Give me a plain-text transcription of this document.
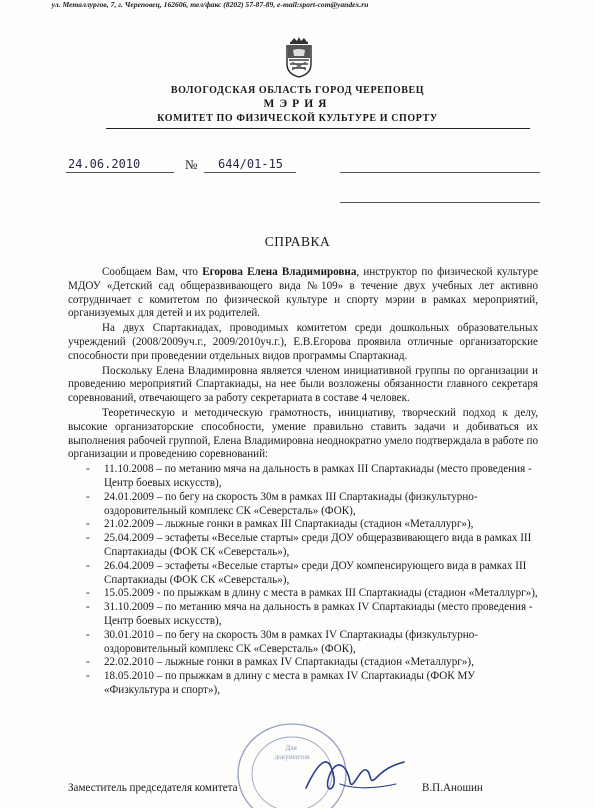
ВОЛОГОДСКАЯ ОБЛАСТЬ ГОРОД ЧЕРЕПОВЕЦ
МЭРИЯ
КОМИТЕТ ПО ФИЗИЧЕСКОЙ КУЛЬТУРЕ И СПОРТУ
ул. Металлургов, 7, г. Череповец, 162606, тел/факс (8202) 57-87-89, e-mail:sport-com@yandex.ru
24.06.2010	№ 644/01-15
СПРАВКА

Сообщаем Вам, что Егорова Елена Владимировна, инструктор по физической культуре МДОУ «Детский сад общеразвивающего вида №109» в течение двух учебных лет активно сотрудничает с комитетом по физической культуре и спорту мэрии в рамках мероприятий, организуемых для детей и их родителей.

На двух Спартакиадах, проводимых комитетом среди дошкольных образовательных учреждений (2008/2009уч.г., 2009/2010уч.г.), Е.В.Егорова проявила отличные организаторские способности при проведении отдельных видов программы Спартакиад.

Поскольку Елена Владимировна является членом инициативной группы по организации и проведению мероприятий Спартакиады, на нее были возложены обязанности главного секретаря соревнований, отвечающего за работу секретариата в составе 4 человек.

Теоретическую и методическую грамотность, инициативу, творческий подход к делу, высокие организаторские способности, умение правильно ставить задачи и добиваться их выполнения рабочей группой, Елена Владимировна неоднократно умело подтверждала в работе по организации и проведению соревнований:

- 11.10.2008 – по метанию мяча на дальность в рамках III Спартакиады (место проведения - Центр боевых искусств),
- 24.01.2009 – по бегу на скорость 30м в рамках III Спартакиады (физкультурно-оздоровительный комплекс СК «Северсталь» (ФОК),
- 21.02.2009 – лыжные гонки в рамках III Спартакиады (стадион «Металлург»),
- 25.04.2009 – эстафеты «Веселые старты» среди ДОУ общеразвивающего вида в рамках III Спартакиады (ФОК СК «Северсталь»),
- 26.04.2009 – эстафеты «Веселые старты» среди ДОУ компенсирующего вида в рамках III Спартакиады (ФОК СК «Северсталь»),
- 15.05.2009 - по прыжкам в длину с места в рамках III Спартакиады (стадион «Металлург»),
- 31.10.2009 – по метанию мяча на дальность в рамках IV Спартакиады (место проведения - Центр боевых искусств),
- 30.01.2010 – по бегу на скорость 30м в рамках IV Спартакиады (физкультурно-оздоровительный комплекс СК «Северсталь» (ФОК),
- 22.02.2010 – лыжные гонки в рамках IV Спартакиады (стадион «Металлург»),
- 18.05.2010 – по прыжкам в длину с места в рамках IV Спартакиады (ФОК МУ «Физкультура и спорт»),
Для документов
Заместитель председателя комитета	В.П.Аношин
